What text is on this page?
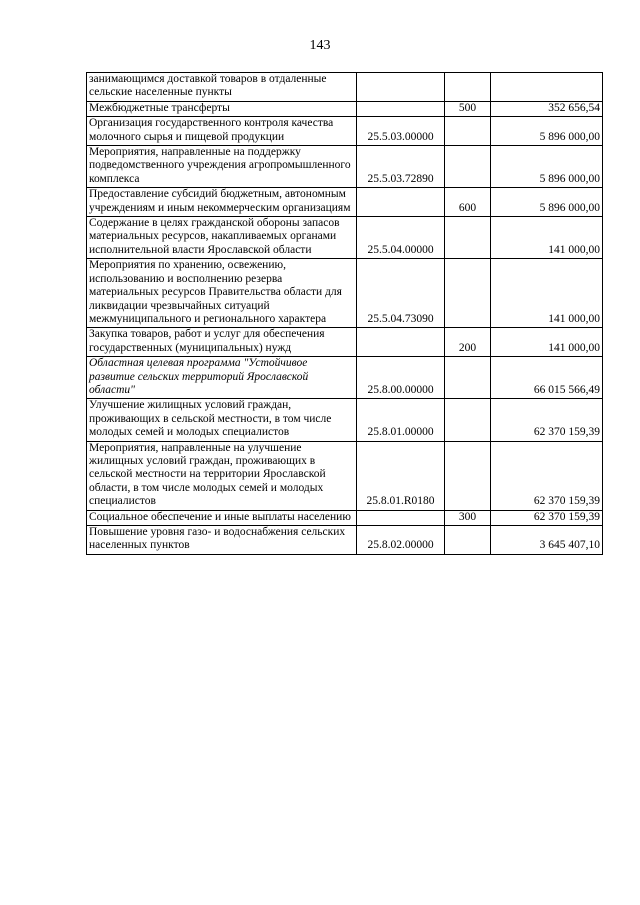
143
занимающимся доставкой товаров в отдаленные сельские населенные пункты			
Межбюджетные трансферты		500	352 656,54
Организация государственного контроля качества молочного сырья и пищевой продукции	25.5.03.00000		5 896 000,00
Мероприятия, направленные на поддержку подведомственного учреждения агропромышленного комплекса	25.5.03.72890		5 896 000,00
Предоставление субсидий бюджетным, автономным учреждениям и иным некоммерческим организациям		600	5 896 000,00
Содержание в целях гражданской обороны запасов материальных ресурсов, накапливаемых органами исполнительной власти Ярославской области	25.5.04.00000		141 000,00
Мероприятия по хранению, освежению, использованию и восполнению резерва материальных ресурсов Правительства области для ликвидации чрезвычайных ситуаций межмуниципального и регионального характера	25.5.04.73090		141 000,00
Закупка товаров, работ и услуг для обеспечения государственных (муниципальных) нужд		200	141 000,00
Областная целевая программа "Устойчивое развитие сельских территорий Ярославской области"	25.8.00.00000		66 015 566,49
Улучшение жилищных условий граждан, проживающих в сельской местности, в том числе молодых семей и молодых специалистов	25.8.01.00000		62 370 159,39
Мероприятия, направленные на улучшение жилищных условий граждан, проживающих в сельской местности на территории Ярославской области, в том числе молодых семей и молодых специалистов	25.8.01.R0180		62 370 159,39
Социальное обеспечение и иные выплаты населению		300	62 370 159,39
Повышение уровня газо- и водоснабжения сельских населенных пунктов	25.8.02.00000		3 645 407,10
